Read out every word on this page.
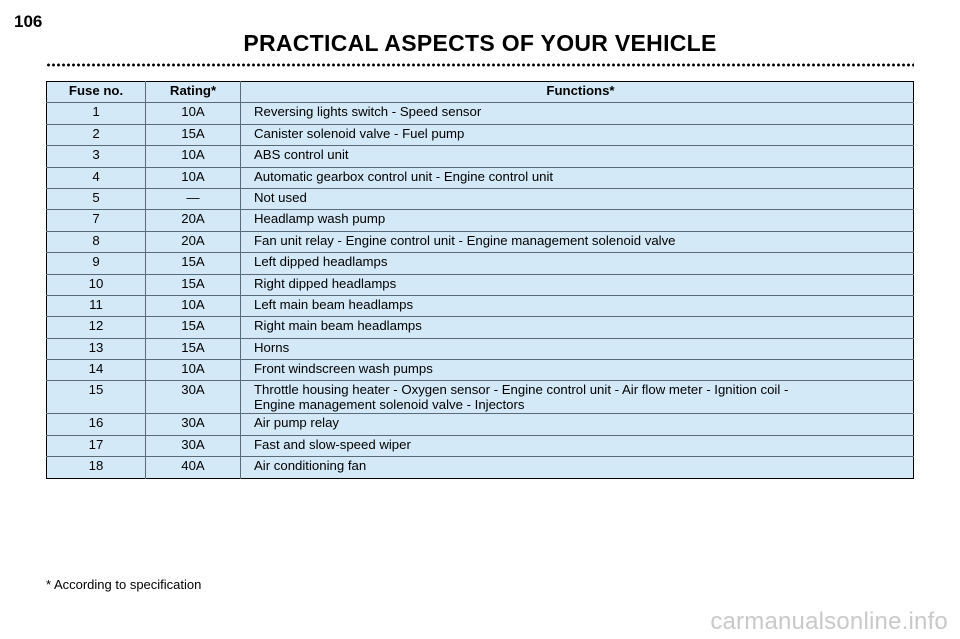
106
PRACTICAL ASPECTS OF YOUR VEHICLE
Fuse no.	Rating*	Functions*
1	10A	Reversing lights switch - Speed sensor

2	15A	Canister solenoid valve - Fuel pump

3	10A	ABS control unit

4	10A	Automatic gearbox control unit - Engine control unit

5	—	Not used

7	20A	Headlamp wash pump

8	20A	Fan unit relay - Engine control unit - Engine management solenoid valve

9	15A	Left dipped headlamps

10	15A	Right dipped headlamps

11	10A	Left main beam headlamps

12	15A	Right main beam headlamps

13	15A	Horns

14	10A	Front windscreen wash pumps

15	30A	Throttle housing heater - Oxygen sensor - Engine control unit - Air flow meter - Ignition coil -
Engine management solenoid valve - Injectors

16	30A	Air pump relay

17	30A	Fast and slow-speed wiper

18	40A	Air conditioning fan
* According to specification
carmanualsonline.info
